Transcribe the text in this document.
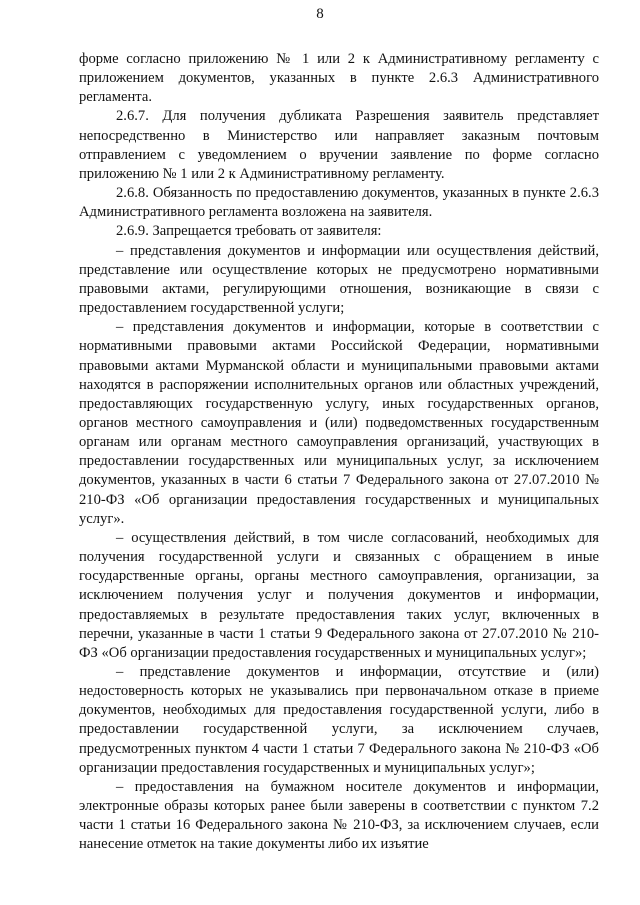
8

форме согласно приложению № 1 или 2 к Административному регламенту с приложением документов, указанных в пункте 2.6.3 Административного регламента.

2.6.7. Для получения дубликата Разрешения заявитель представляет непосредственно в Министерство или направляет заказным почтовым отправлением с уведомлением о вручении заявление по форме согласно приложению № 1 или 2 к Административному регламенту.

2.6.8. Обязанность по предоставлению документов, указанных в пункте 2.6.3 Административного регламента возложена на заявителя.

2.6.9. Запрещается требовать от заявителя:

– представления документов и информации или осуществления действий, представление или осуществление которых не предусмотрено нормативными правовыми актами, регулирующими отношения, возникающие в связи с предоставлением государственной услуги;

– представления документов и информации, которые в соответствии с нормативными правовыми актами Российской Федерации, нормативными правовыми актами Мурманской области и муниципальными правовыми актами находятся в распоряжении исполнительных органов или областных учреждений, предоставляющих государственную услугу, иных государственных органов, органов местного самоуправления и (или) подведомственных государственным органам или органам местного самоуправления организаций, участвующих в предоставлении государственных или муниципальных услуг, за исключением документов, указанных в части 6 статьи 7 Федерального закона от 27.07.2010 № 210-ФЗ «Об организации предоставления государственных и муниципальных услуг».

– осуществления действий, в том числе согласований, необходимых для получения государственной услуги и связанных с обращением в иные государственные органы, органы местного самоуправления, организации, за исключением получения услуг и получения документов и информации, предоставляемых в результате предоставления таких услуг, включенных в перечни, указанные в части 1 статьи 9 Федерального закона от 27.07.2010 № 210-ФЗ «Об организации предоставления государственных и муниципальных услуг»;

– представление документов и информации, отсутствие и (или) недостоверность которых не указывались при первоначальном отказе в приеме документов, необходимых для предоставления государственной услуги, либо в предоставлении государственной услуги, за исключением случаев, предусмотренных пунктом 4 части 1 статьи 7 Федерального закона № 210-ФЗ «Об организации предоставления государственных и муниципальных услуг»;

– предоставления на бумажном носителе документов и информации, электронные образы которых ранее были заверены в соответствии с пунктом 7.2 части 1 статьи 16 Федерального закона № 210-ФЗ, за исключением случаев, если нанесение отметок на такие документы либо их изъятие
